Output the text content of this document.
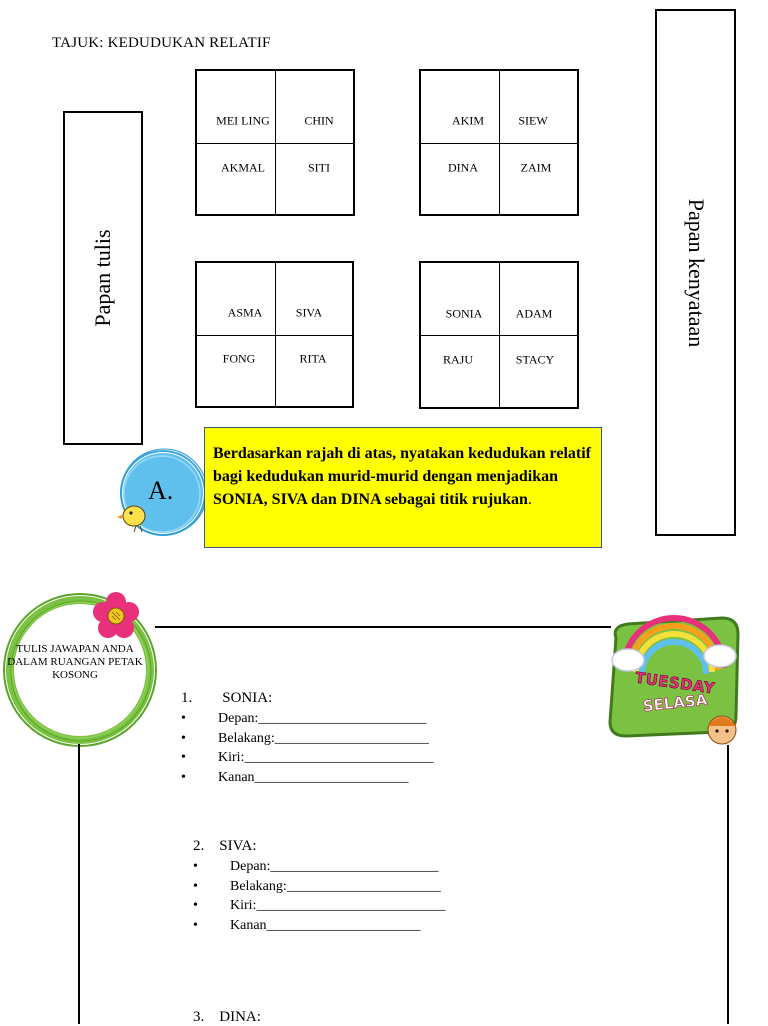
TAJUK: KEDUDUKAN RELATIF
Papan tulis	Papan kenyataan
MEI LING	CHIN
AKMAL	SITI
AKIM	SIEW
DINA	ZAIM
ASMA	SIVA
FONG	RITA
SONIA	ADAM
RAJU	STACY
A.
Berdasarkan rajah di atas, nyatakan kedudukan relatif bagi kedudukan murid-murid dengan menjadikan SONIA, SIVA dan DINA sebagai titik rujukan.
TULIS JAWAPAN ANDA
DALAM RUANGAN PETAK
KOSONG	TUESDAY
SELASA
1.        SONIA:
• Depan:________________________
• Belakang:______________________
• Kiri:___________________________
• Kanan______________________
2.    SIVA:
• Depan:________________________
• Belakang:______________________
• Kiri:___________________________
• Kanan______________________
3.    DINA:
